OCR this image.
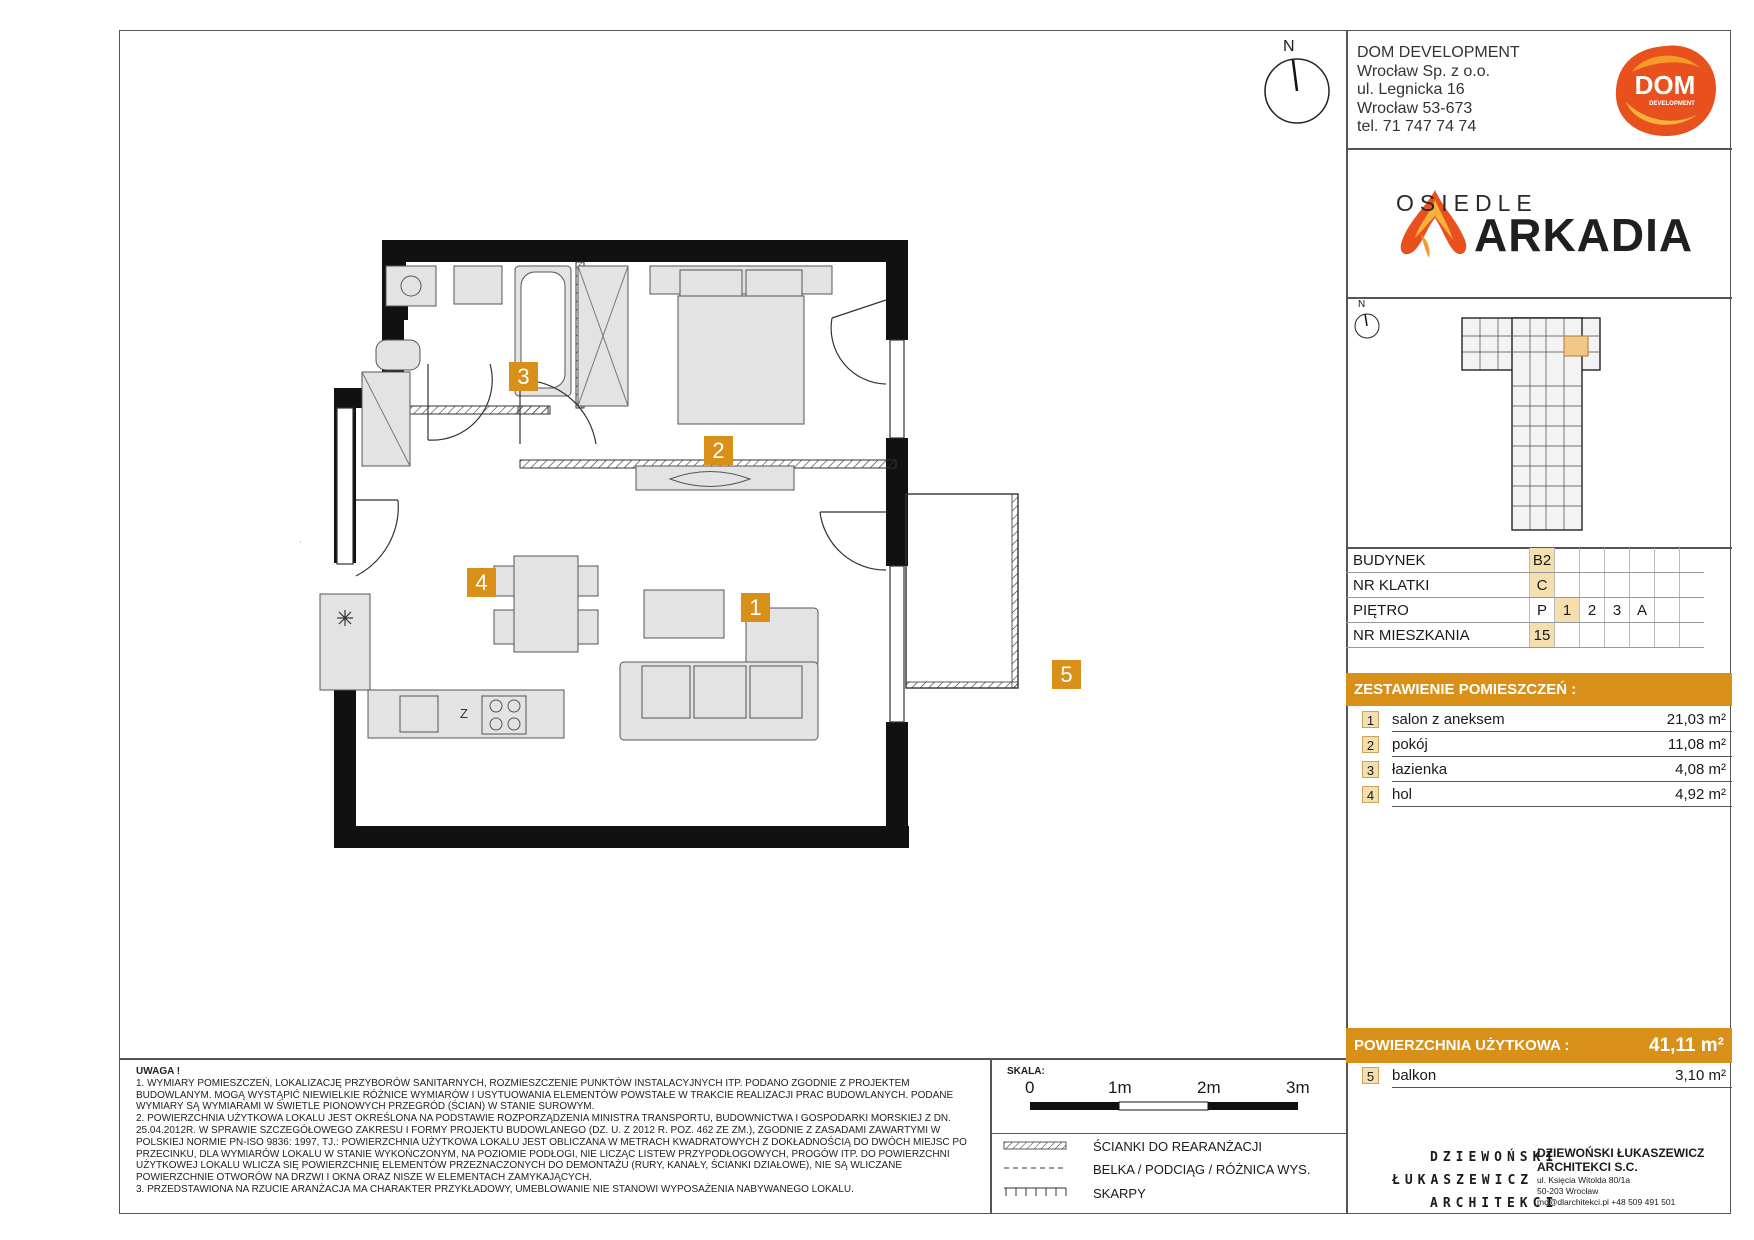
N	DOM DEVELOPMENT
Wrocław Sp. z o.o.
ul. Legnicka 16
Wrocław 53-673
tel. 71 747 74 74
DOM
DEVELOPMENT
OSIEDLE
ARKADIA
N
BUDYNEK	B2						
NR KLATKI	C						
PIĘTRO	P	1	2	3	A		
NR MIESZKANIA	15						
ZESTAWIENIE POMIESZCZEŃ :
1	salon z aneksem	21,03 m²
2	pokój	11,08 m²
3	łazienka	4,08 m²
4	hol	4,92 m²
POWIERZCHNIA UŻYTKOWA :	41,11 m²
5	balkon	3,10 m²
Z
1
2
3
4
5
UWAGA !
1. WYMIARY POMIESZCZEŃ, LOKALIZACJĘ PRZYBORÓW SANITARNYCH, ROZMIESZCZENIE PUNKTÓW INSTALACYJNYCH ITP. PODANO ZGODNIE Z PROJEKTEM BUDOWLANYM. MOGĄ WYSTĄPIĆ NIEWIELKIE RÓŻNICE WYMIARÓW I USYTUOWANIA ELEMENTÓW POWSTAŁE W TRAKCIE REALIZACJI PRAC BUDOWLANYCH. PODANE WYMIARY SĄ WYMIARAMI W ŚWIETLE PIONOWYCH PRZEGRÓD (ŚCIAN) W STANIE SUROWYM.
2. POWIERZCHNIA UŻYTKOWA LOKALU JEST OKREŚLONA NA PODSTAWIE ROZPORZĄDZENIA MINISTRA TRANSPORTU, BUDOWNICTWA I GOSPODARKI MORSKIEJ Z DN. 25.04.2012R. W SPRAWIE SZCZEGÓŁOWEGO ZAKRESU I FORMY PROJEKTU BUDOWLANEGO (DZ. U. Z 2012 R. POZ. 462 ZE ZM.), ZGODNIE Z ZASADAMI ZAWARTYMI W POLSKIEJ NORMIE PN-ISO 9836: 1997, TJ.: POWIERZCHNIA UŻYTKOWA LOKALU JEST OBLICZANA W METRACH KWADRATOWYCH Z DOKŁADNOŚCIĄ DO DWÓCH MIEJSC PO PRZECINKU, DLA WYMIARÓW LOKALU W STANIE WYKOŃCZONYM, NA POZIOMIE PODŁOGI, NIE LICZĄC LISTEW PRZYPODŁOGOWYCH, PROGÓW ITP. DO POWIERZCHNI UŻYTKOWEJ LOKALU WLICZA SIĘ POWIERZCHNIĘ ELEMENTÓW PRZEZNACZONYCH DO DEMONTAŻU (RURY, KANAŁY, ŚCIANKI DZIAŁOWE), NIE SĄ WLICZANE POWIERZCHNIE OTWORÓW NA DRZWI I OKNA ORAZ NISZE W ELEMENTACH ZAMYKAJĄCYCH.
3. PRZEDSTAWIONA NA RZUCIE ARANŻACJA MA CHARAKTER PRZYKŁADOWY, UMEBLOWANIE NIE STANOWI WYPOSAŻENIA NABYWANEGO LOKALU.
SKALA:
0	1m	2m	3m
ŚCIANKI DO REARANŻACJI
BELKA / PODCIĄG / RÓŻNICA WYS.
SKARPY
DZIEWOŃSKI
ŁUKASZEWICZ
ARCHITEKCI
DZIEWOŃSKI ŁUKASZEWICZ
ARCHITEKCI S.C.
ul. Księcia Witolda 80/1a
50-203 Wrocław
md@dlarchitekci.pl +48 509 491 501
